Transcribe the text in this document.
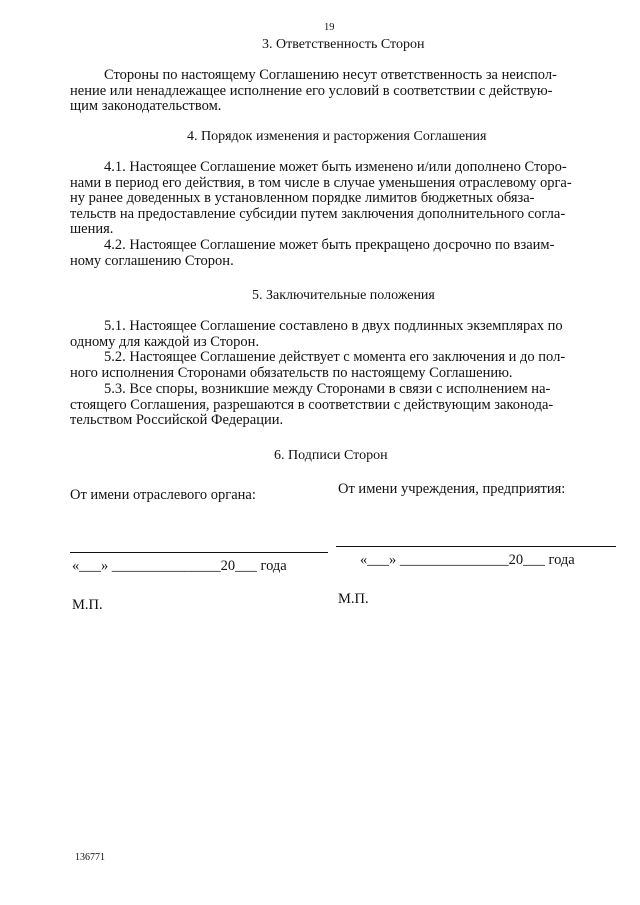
19
3. Ответственность Сторон
Стороны по настоящему Соглашению несут ответственность за неиспол-
нение или ненадлежащее исполнение его условий в соответствии с действую-
щим законодательством.
4. Порядок изменения и расторжения Соглашения
4.1. Настоящее Соглашение может быть изменено и/или дополнено Сторо-
нами в период его действия, в том числе в случае уменьшения отраслевому орга-
ну ранее доведенных в установленном порядке лимитов бюджетных обяза-
тельств на предоставление субсидии путем заключения дополнительного согла-
шения.
4.2. Настоящее Соглашение может быть прекращено досрочно по взаим-
ному соглашению Сторон.
5. Заключительные положения
5.1. Настоящее Соглашение составлено в двух подлинных экземплярах по
одному для каждой из Сторон.
5.2. Настоящее Соглашение действует с момента его заключения и до пол-
ного исполнения Сторонами обязательств по настоящему Соглашению.
5.3. Все споры, возникшие между Сторонами в связи с исполнением на-
стоящего Соглашения, разрешаются в соответствии с действующим законода-
тельством Российской Федерации.
6. Подписи Сторон
От имени отраслевого органа:	От имени учреждения, предприятия:
«___» _______________20___ года	«___» _______________20___ года
М.П.	М.П.
136771
